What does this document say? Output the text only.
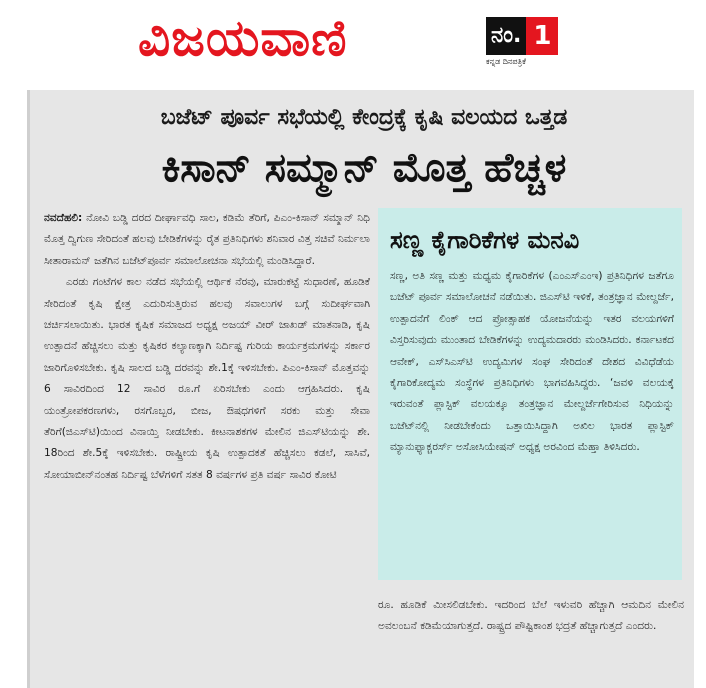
ವಿಜಯವಾಣಿ	ನಂ. 1
ಕನ್ನಡ ದಿನಪತ್ರಿಕೆ
ಬಜೆಟ್ ಪೂರ್ವ ಸಭೆಯಲ್ಲಿ ಕೇಂದ್ರಕ್ಕೆ ಕೃಷಿ ವಲಯದ ಒತ್ತಡ
ಕಿಸಾನ್ ಸಮ್ಮಾನ್ ಮೊತ್ತ ಹೆಚ್ಚಳ

ನವದೆಹಲಿ: ನೋವಿ ಬಡ್ಡಿ ದರದ ದೀರ್ಘಾವಧಿ ಸಾಲ, ಕಡಿಮೆ ತೆರಿಗೆ, ಪಿಎಂ-ಕಿಸಾನ್ ಸಮ್ಮಾನ್ ನಿಧಿ ಮೊತ್ತ ದ್ವಿಗುಣ ಸೇರಿದಂತೆ ಹಲವು ಬೇಡಿಕೆಗಳನ್ನು ರೈತ ಪ್ರತಿನಿಧಿಗಳು ಶನಿವಾರ ವಿತ್ತ ಸಚಿವೆ ನಿರ್ಮಲಾ ಸೀತಾರಾಮನ್ ಜತೆಗಿನ ಬಜೆಟ್‌ಪೂರ್ವ ಸಮಾಲೋಚನಾ ಸಭೆಯಲ್ಲಿ ಮಂಡಿಸಿದ್ದಾರೆ.

ಎರಡು ಗಂಟೆಗಳ ಕಾಲ ನಡೆದ ಸಭೆಯಲ್ಲಿ ಆರ್ಥಿಕ ನೆರವು, ಮಾರುಕಟ್ಟೆ ಸುಧಾರಣೆ, ಹೂಡಿಕೆ ಸೇರಿದಂತೆ ಕೃಷಿ ಕ್ಷೇತ್ರ ಎದುರಿಸುತ್ತಿರುವ ಹಲವು ಸವಾಲುಗಳ ಬಗ್ಗೆ ಸುದೀರ್ಘವಾಗಿ ಚರ್ಚಿಸಲಾಯಿತು. ಭಾರತ ಕೃಷಿಕ ಸಮಾಜದ ಅಧ್ಯಕ್ಷ ಅಜಯ್ ವೀರ್ ಜಾಖಡ್ ಮಾತನಾಡಿ, ಕೃಷಿ ಉತ್ಪಾದನೆ ಹೆಚ್ಚಿಸಲು ಮತ್ತು ಕೃಷಿಕರ ಕಲ್ಯಾಣಕ್ಕಾಗಿ ನಿರ್ದಿಷ್ಟ ಗುರಿಯ ಕಾರ್ಯಕ್ರಮಗಳನ್ನು ಸರ್ಕಾರ ಜಾರಿಗೊಳಿಸಬೇಕು. ಕೃಷಿ ಸಾಲದ ಬಡ್ಡಿ ದರವನ್ನು ಶೇ.1ಕ್ಕೆ ಇಳಿಸಬೇಕು. ಪಿಎಂ-ಕಿಸಾನ್ ಮೊತ್ತವನ್ನು 6 ಸಾವಿರದಿಂದ 12 ಸಾವಿರ ರೂ.ಗೆ ಏರಿಸಬೇಕು ಎಂದು ಆಗ್ರಹಿಸಿದರು. ಕೃಷಿ ಯಂತ್ರೋಪಕರಣಗಳು, ರಸಗೊಬ್ಬರ, ಬೀಜ, ಔಷಧಗಳಿಗೆ ಸರಕು ಮತ್ತು ಸೇವಾ ತೆರಿಗೆ(ಜಿಎಸ್‌ಟಿ)ಯಿಂದ ವಿನಾಯ್ತಿ ನೀಡಬೇಕು. ಕೀಟನಾಶಕಗಳ ಮೇಲಿನ ಜಿಎಸ್‌ಟಿಯನ್ನು ಶೇ. 18ರಿಂದ ಶೇ.5ಕ್ಕೆ ಇಳಿಸಬೇಕು. ರಾಷ್ಟ್ರೀಯ ಕೃಷಿ ಉತ್ಪಾದಕತೆ ಹೆಚ್ಚಿಸಲು ಕಡಲೆ, ಸಾಸಿವೆ, ಸೋಯಾಬೀನ್‌ನಂತಹ ನಿರ್ದಿಷ್ಟ ಬೆಳೆಗಳಿಗೆ ಸತತ 8 ವರ್ಷಗಳ ಪ್ರತಿ ವರ್ಷ ಸಾವಿರ ಕೋಟಿ

ಸಣ್ಣ ಕೈಗಾರಿಕೆಗಳ ಮನವಿ
ಸಣ್ಣ, ಅತಿ ಸಣ್ಣ ಮತ್ತು ಮಧ್ಯಮ ಕೈಗಾರಿಕೆಗಳ (ಎಂಎಸ್‌ಎಂಇ) ಪ್ರತಿನಿಧಿಗಳ ಜತೆಗೂ ಬಜೆಟ್ ಪೂರ್ವ ಸಮಾಲೋಚನೆ ನಡೆಯಿತು. ಜಿಎಸ್‌ಟಿ ಇಳಿಕೆ, ತಂತ್ರಜ್ಞಾನ ಮೇಲ್ದರ್ಜೆ, ಉತ್ಪಾದನೆಗೆ ಲಿಂಕ್ ಆದ ಪ್ರೋತ್ಸಾಹಕ ಯೋಜನೆಯನ್ನು ಇತರ ವಲಯಗಳಿಗೆ ವಿಸ್ತರಿಸುವುದು ಮುಂತಾದ ಬೇಡಿಕೆಗಳನ್ನು ಉದ್ಯಮದಾರರು ಮಂಡಿಸಿದರು. ಕರ್ನಾಟಕದ ಆವೇಕ್, ಎಸ್‌ಸಿಎಸ್‌ಟಿ ಉದ್ಯಮಿಗಳ ಸಂಘ ಸೇರಿದಂತೆ ದೇಶದ ವಿವಿಧೆಡೆಯ ಕೈಗಾರಿಕೋದ್ಯಮ ಸಂಸ್ಥೆಗಳ ಪ್ರತಿನಿಧಿಗಳು ಭಾಗವಹಿಸಿದ್ದರು. ‘ಜವಳಿ ವಲಯಕ್ಕೆ ಇರುವಂತೆ ಪ್ಲಾಸ್ಟಿಕ್ ವಲಯಕ್ಕೂ ತಂತ್ರಜ್ಞಾನ ಮೇಲ್ದರ್ಜೆಗೇರಿಸುವ ನಿಧಿಯನ್ನು ಬಜೆಟ್‌ನಲ್ಲಿ ನೀಡಬೇಕೆಂದು ಒತ್ತಾಯಿಸಿದ್ದಾಗಿ ಅಖಿಲ ಭಾರತ ಪ್ಲಾಸ್ಟಿಕ್ ಮ್ಯಾನುಫ್ಯಾಕ್ಚರರ್ಸ್ ಅಸೋಸಿಯೇಷನ್ ಅಧ್ಯಕ್ಷ ಅರವಿಂದ ಮೆಹ್ತಾ ತಿಳಿಸಿದರು.
ರೂ. ಹೂಡಿಕೆ ಮೀಸಲಿಡಬೇಕು. ಇದರಿಂದ ಬೆಲೆ ಇಳುವರಿ ಹೆಚ್ಚಾಗಿ ಆಮದಿನ ಮೇಲಿನ ಅವಲಂಬನೆ ಕಡಿಮೆಯಾಗುತ್ತದೆ. ರಾಷ್ಟ್ರದ ಪೌಷ್ಟಿಕಾಂಶ ಭದ್ರತೆ ಹೆಚ್ಚಾಗುತ್ತದೆ ಎಂದರು.
